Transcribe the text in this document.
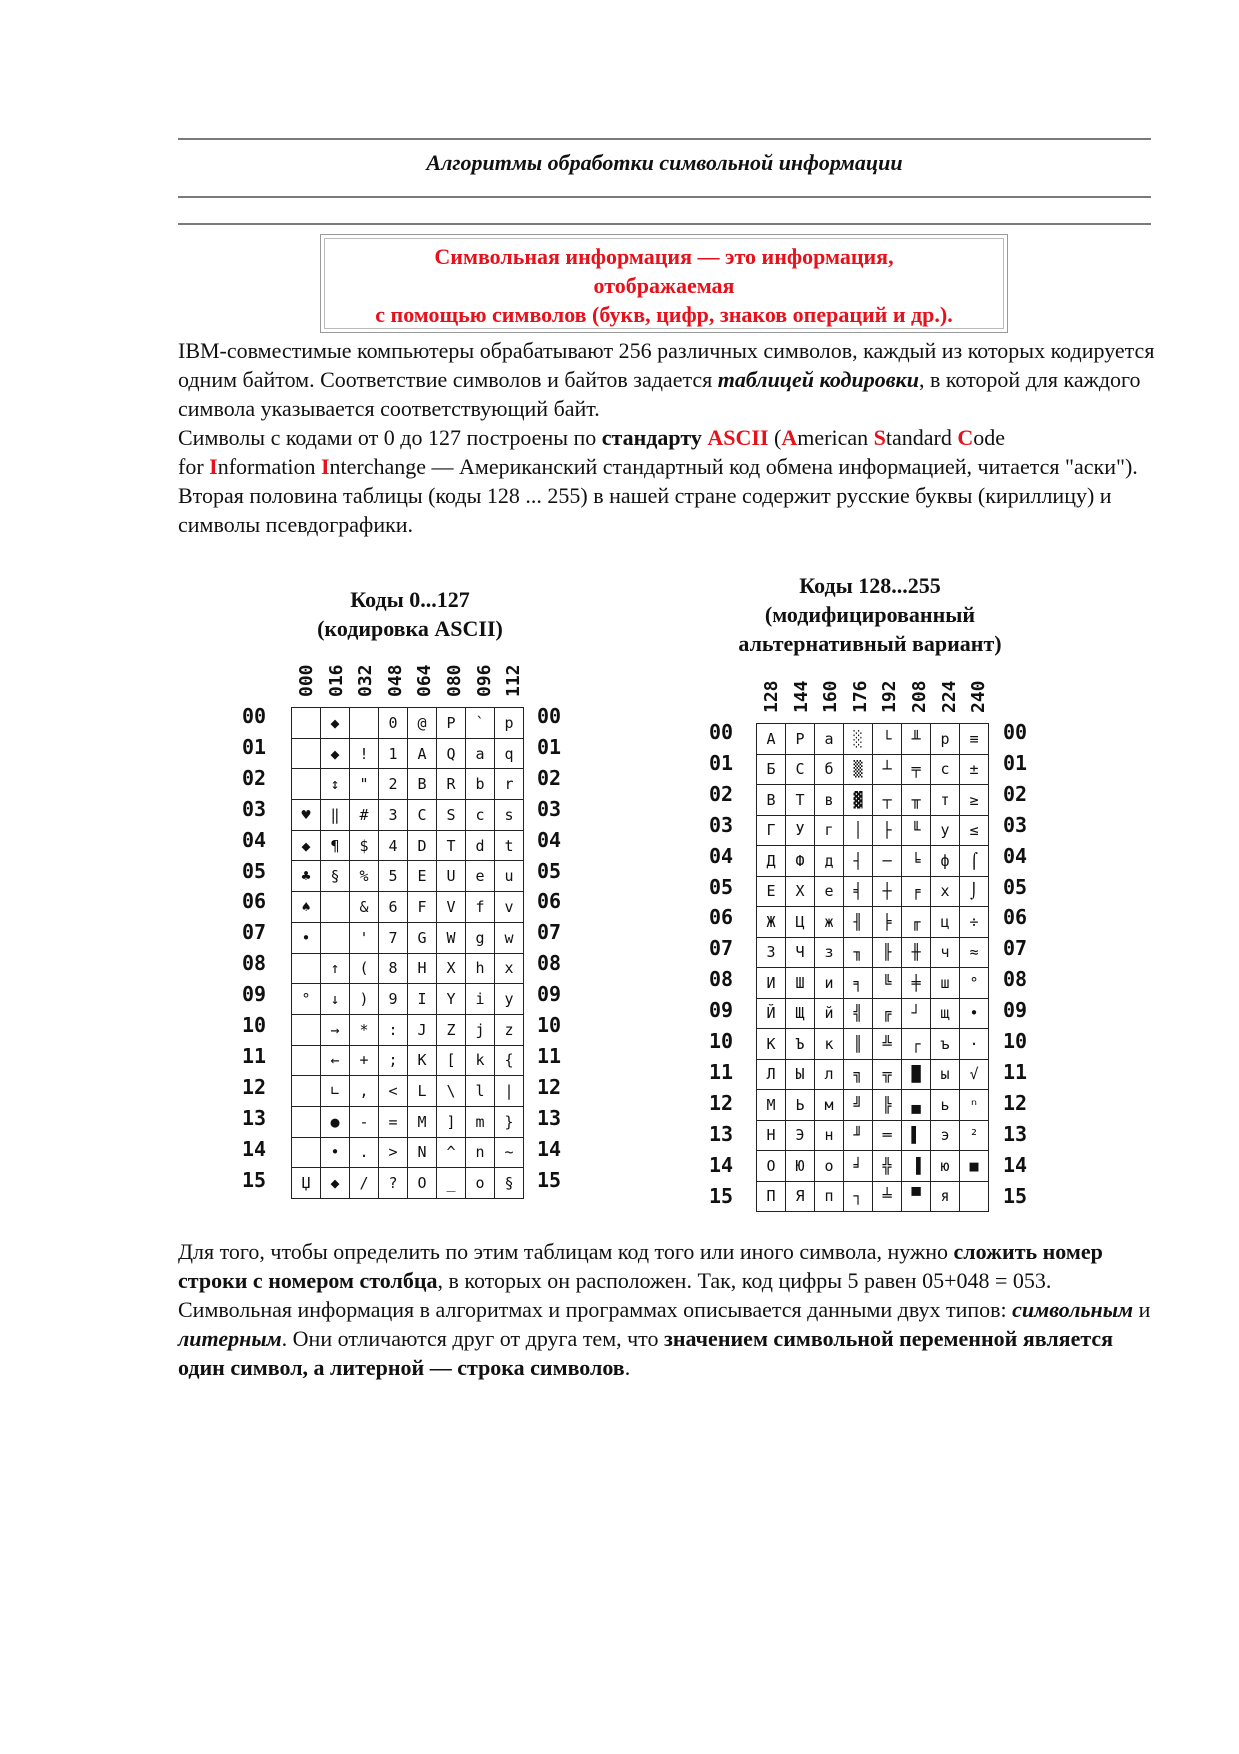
Алгоритмы обработки символьной информации
Символьная информация — это информация,
отображаемая
с помощью символов (букв, цифр, знаков операций и др.).
IBM-совместимые компьютеры обрабатывают 256 различных символов, каждый из которых кодируется одним байтом. Соответствие символов и байтов задается таблицей кодировки, в которой для каждого символа указывается соответствующий байт.
Символы с кодами от 0 до 127 построены по стандарту ASCII (American Standard Code
for Information Interchange — Американский стандартный код обмена информацией, читается "аски"). Вторая половина таблицы (коды 128 ... 255) в нашей стране содержит русские буквы (кириллицу) и символы псевдографики.
Коды 0...127
(кодировка ASCII)
000 016 032 048 064 080 096 112
00
01
02
03
04
05
06
07
08
09
10
11
12
13
14
15
00
01
02
03
04
05
06
07
08
09
10
11
12
13
14
15
	◆		0	@	P	`	p
	◆	!	1	A	Q	a	q
	↕	"	2	B	R	b	r
♥	‖	#	3	C	S	c	s
◆	¶	$	4	D	T	d	t
♣	§	%	5	E	U	e	u
♠		&	6	F	V	f	v
•		'	7	G	W	g	w
	↑	(	8	H	X	h	x
°	↓	)	9	I	Y	i	y
	→	*	:	J	Z	j	z
	←	+	;	K	[	k	{
	∟	,	<	L	\	l	|
	●	-	=	M	]	m	}
	•	.	>	N	^	n	~
Џ	◆	/	?	O	_	o	§
Коды 128...255
(модифицированный
альтернативный вариант)
128 144 160 176 192 208 224 240
00
01
02
03
04
05
06
07
08
09
10
11
12
13
14
15
00
01
02
03
04
05
06
07
08
09
10
11
12
13
14
15
А	Р	а	░	└	╨	р	≡
Б	С	б	▒	┴	╤	с	±
В	Т	в	▓	┬	╥	т	≥
Г	У	г	│	├	╙	у	≤
Д	Ф	д	┤	─	╘	ф	⌠
Е	Х	е	╡	┼	╒	х	⌡
Ж	Ц	ж	╢	╞	╓	ц	÷
З	Ч	з	╖	╟	╫	ч	≈
И	Ш	и	╕	╚	╪	ш	°
Й	Щ	й	╣	╔	┘	щ	•
К	Ъ	к	║	╩	┌	ъ	·
Л	Ы	л	╗	╦	█	ы	√
М	Ь	м	╝	╠	▄	ь	ⁿ
Н	Э	н	╜	═	▌	э	²
О	Ю	о	╛	╬	▐	ю	■
П	Я	п	┐	╧	▀	я	
Для того, чтобы определить по этим таблицам код того или иного символа, нужно сложить номер строки с номером столбца, в которых он расположен. Так, код цифры 5 равен 05+048 = 053.
Символьная информация в алгоритмах и программах описывается данными двух типов: символьным и литерным. Они отличаются друг от друга тем, что значением символьной переменной является один символ, а литерной — строка символов.
